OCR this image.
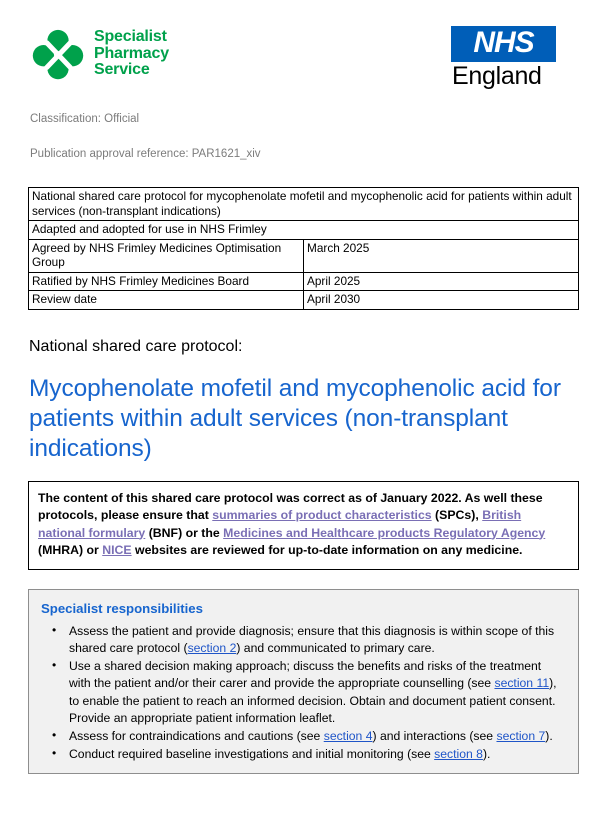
Specialist
Pharmacy
Service
NHS
England
Classification: Official
Publication approval reference: PAR1621_xiv
National shared care protocol for mycophenolate mofetil and mycophenolic acid for patients within adult services (non-transplant indications)	
Adapted and adopted for use in NHS Frimley	
Agreed by NHS Frimley Medicines Optimisation Group	March 2025
Ratified by NHS Frimley Medicines Board	April 2025
Review date	April 2030
National shared care protocol:
Mycophenolate mofetil and mycophenolic acid for patients within adult services (non-transplant indications)
The content of this shared care protocol was correct as of January 2022. As well these protocols, please ensure that summaries of product characteristics (SPCs), British national formulary (BNF) or the Medicines and Healthcare products Regulatory Agency (MHRA) or NICE websites are reviewed for up-to-date information on any medicine.
Specialist responsibilities
• Assess the patient and provide diagnosis; ensure that this diagnosis is within scope of this shared care protocol (section 2) and communicated to primary care.
• Use a shared decision making approach; discuss the benefits and risks of the treatment with the patient and/or their carer and provide the appropriate counselling (see section 11), to enable the patient to reach an informed decision. Obtain and document patient consent. Provide an appropriate patient information leaflet.
• Assess for contraindications and cautions (see section 4) and interactions (see section 7).
• Conduct required baseline investigations and initial monitoring (see section 8).
